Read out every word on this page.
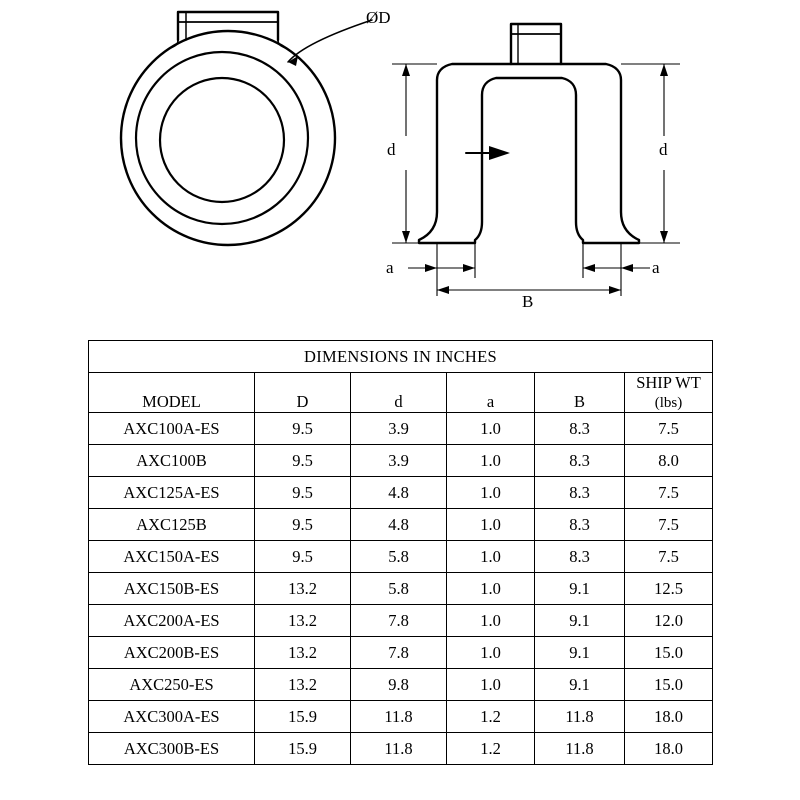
ØD
d	d
a	a
B
DIMENSIONS IN INCHES					
MODEL	D	d	a	B	SHIP WT
(lbs)

AXC100A-ES	9.5	3.9	1.0	8.3	7.5
AXC100B	9.5	3.9	1.0	8.3	8.0
AXC125A-ES	9.5	4.8	1.0	8.3	7.5
AXC125B	9.5	4.8	1.0	8.3	7.5
AXC150A-ES	9.5	5.8	1.0	8.3	7.5
AXC150B-ES	13.2	5.8	1.0	9.1	12.5
AXC200A-ES	13.2	7.8	1.0	9.1	12.0
AXC200B-ES	13.2	7.8	1.0	9.1	15.0
AXC250-ES	13.2	9.8	1.0	9.1	15.0
AXC300A-ES	15.9	11.8	1.2	11.8	18.0
AXC300B-ES	15.9	11.8	1.2	11.8	18.0
